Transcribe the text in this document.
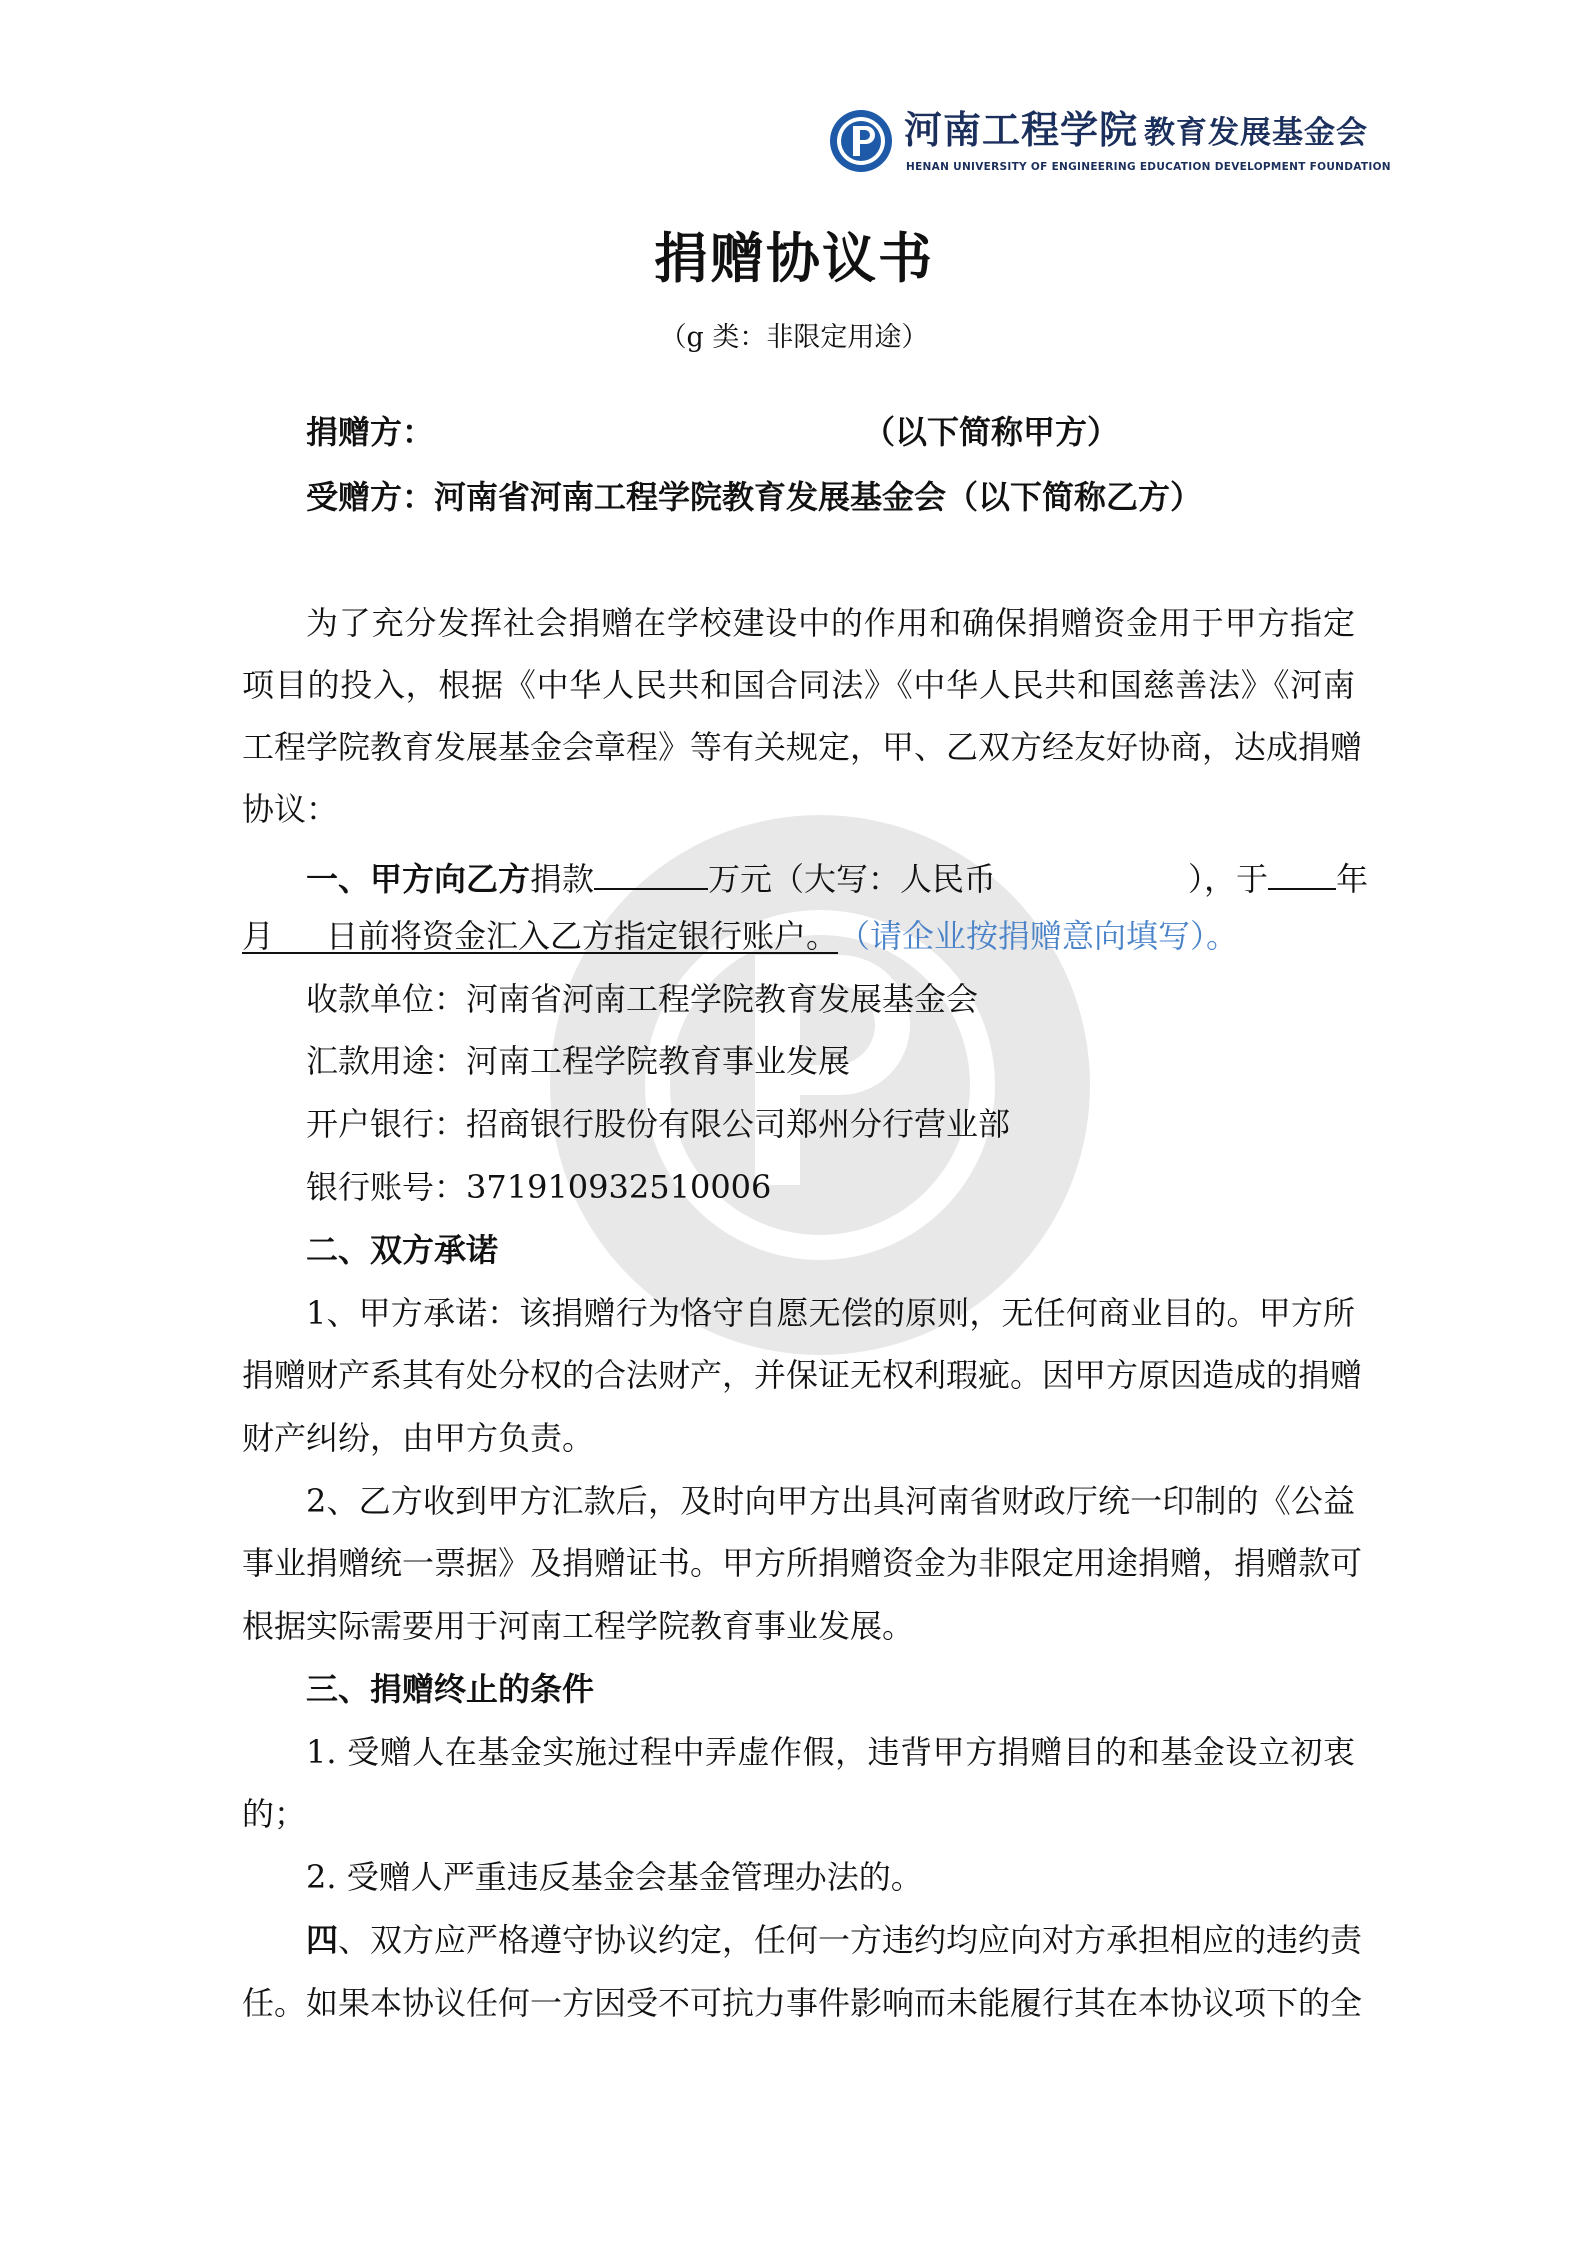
河南工程学院 教育发展基金会
HENAN UNIVERSITY OF ENGINEERING EDUCATION DEVELOPMENT FOUNDATION
捐赠协议书
（g 类：非限定用途）
捐赠方：	（以下简称甲方）
受赠方：河南省河南工程学院教育发展基金会（以下简称乙方）
为了充分发挥社会捐赠在学校建设中的作用和确保捐赠资金用于甲方指定
项目的投入，根据《中华人民共和国合同法》《中华人民共和国慈善法》《河南
工程学院教育发展基金会章程》等有关规定，甲、乙双方经友好协商，达成捐赠
协议：
一、甲方向乙方捐款	万元（大写：人民币	），于 年
月 日前将资金汇入乙方指定银行账户。（请企业按捐赠意向填写）。
收款单位：河南省河南工程学院教育发展基金会
汇款用途：河南工程学院教育事业发展
开户银行：招商银行股份有限公司郑州分行营业部
银行账号：371910932510006
二、双方承诺
1、甲方承诺：该捐赠行为恪守自愿无偿的原则，无任何商业目的。甲方所
捐赠财产系其有处分权的合法财产，并保证无权利瑕疵。因甲方原因造成的捐赠
财产纠纷，由甲方负责。
2、乙方收到甲方汇款后，及时向甲方出具河南省财政厅统一印制的《公益
事业捐赠统一票据》及捐赠证书。甲方所捐赠资金为非限定用途捐赠，捐赠款可
根据实际需要用于河南工程学院教育事业发展。
三、捐赠终止的条件
1. 受赠人在基金实施过程中弄虚作假，违背甲方捐赠目的和基金设立初衷
的；
2. 受赠人严重违反基金会基金管理办法的。
四、双方应严格遵守协议约定，任何一方违约均应向对方承担相应的违约责
任。如果本协议任何一方因受不可抗力事件影响而未能履行其在本协议项下的全
